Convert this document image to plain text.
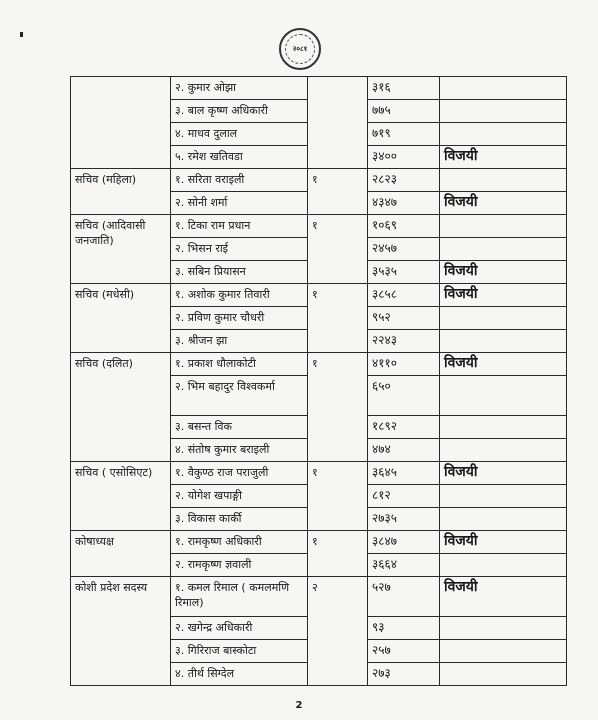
२०८१
	२. कुमार ओझा		३१६	
	३. बाल कृष्ण अधिकारी		७७५	
	४. माधव दुलाल		७१९	
	५. रमेश खतिवडा		३४००	विजयी
सचिव (महिला)	१. सरिता वराइली	१	२८२३	
	२. सोनी शर्मा		४३४७	विजयी
सचिव (आदिवासी जनजाति)	१. टिका राम प्रधान	१	१०६९	
	२. भिसन राई		२४५७	
	३. सबिन प्रियासन		३५३५	विजयी
सचिव (मधेसी)	१. अशोक कुमार तिवारी	१	३८५८	विजयी
	२. प्रविण कुमार चौधरी		९५२	
	३. श्रीजन झा		२२४३	
सचिव (दलित)	१. प्रकाश धौलाकोटी	१	४११०	विजयी
	२. भिम बहादुर विश्वकर्मा		६५०	
	३. बसन्त विक		१८९२	
	४. संतोष कुमार बराइली		४७४	
सचिव ( एसोसिएट)	१. वैकुण्ठ राज पराजुली	१	३६४५	विजयी
	२. योगेश खपाङ्गी		८१२	
	३. विकास कार्की		२७३५	
कोषाध्यक्ष	१. रामकृष्ण अधिकारी	१	३८४७	विजयी
	२. रामकृष्ण ज्ञवाली		३६६४	
कोशी प्रदेश सदस्य	१. कमल रिमाल ( कमलमणि रिमाल)	२	५२७	विजयी
	२. खगेन्द्र अधिकारी		९३	
	३. गिरिराज बास्कोटा		२५७	
	४. तीर्थ सिग्देल		२७३	
2
